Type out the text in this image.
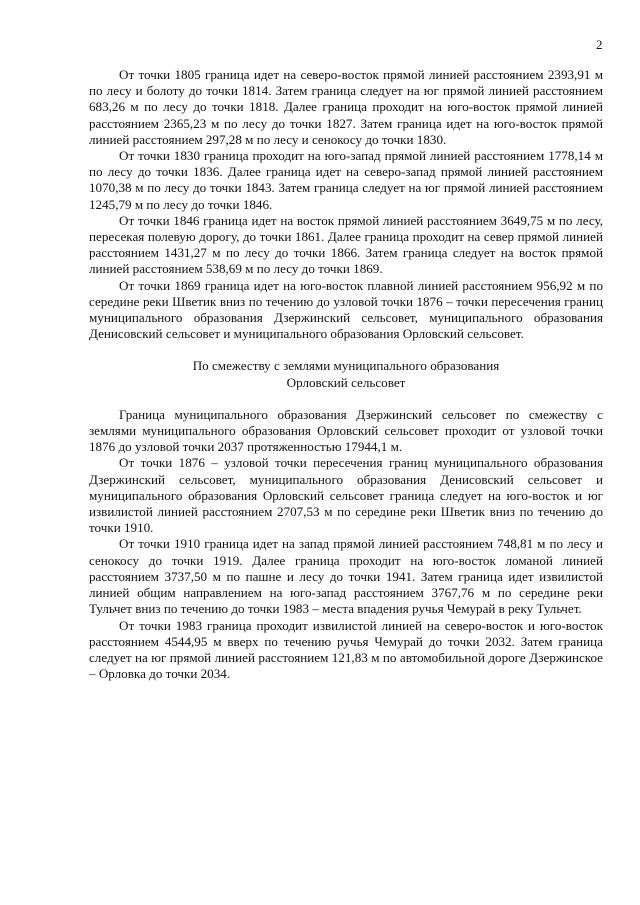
2

От точки 1805 граница идет на северо-восток прямой линией расстоянием 2393,91 м по лесу и болоту до точки 1814. Затем граница следует на юг прямой линией расстоянием 683,26 м по лесу до точки 1818. Далее граница проходит на юго-восток прямой линией расстоянием 2365,23 м по лесу до точки 1827. Затем граница идет на юго-восток прямой линией расстоянием 297,28 м по лесу и сенокосу до точки 1830.

От точки 1830 граница проходит на юго-запад прямой линией расстоянием 1778,14 м по лесу до точки 1836. Далее граница идет на северо-запад прямой линией расстоянием 1070,38 м по лесу до точки 1843. Затем граница следует на юг прямой линией расстоянием 1245,79 м по лесу до точки 1846.

От точки 1846 граница идет на восток прямой линией расстоянием 3649,75 м по лесу, пересекая полевую дорогу, до точки 1861. Далее граница проходит на север прямой линией расстоянием 1431,27 м по лесу до точки 1866. Затем граница следует на восток прямой линией расстоянием 538,69 м по лесу до точки 1869.

От точки 1869 граница идет на юго-восток плавной линией расстоянием 956,92 м по середине реки Шветик вниз по течению до узловой точки 1876 – точки пересечения границ муниципального образования Дзержинский сельсовет, муниципального образования Денисовский сельсовет и муниципального образования Орловский сельсовет.

По смежеству с землями муниципального образования
Орловский сельсовет

Граница муниципального образования Дзержинский сельсовет по смежеству с землями муниципального образования Орловский сельсовет проходит от узловой точки 1876 до узловой точки 2037 протяженностью 17944,1 м.

От точки 1876 – узловой точки пересечения границ муниципального образования Дзержинский сельсовет, муниципального образования Денисовский сельсовет и муниципального образования Орловский сельсовет граница следует на юго-восток и юг извилистой линией расстоянием 2707,53 м по середине реки Шветик вниз по течению до точки 1910.

От точки 1910 граница идет на запад прямой линией расстоянием 748,81 м по лесу и сенокосу до точки 1919. Далее граница проходит на юго-восток ломаной линией расстоянием 3737,50 м по пашне и лесу до точки 1941. Затем граница идет извилистой линией общим направлением на юго-запад расстоянием 3767,76 м по середине реки Тульчет вниз по течению до точки 1983 – места впадения ручья Чемурай в реку Тульчет.

От точки 1983 граница проходит извилистой линией на северо-восток и юго-восток расстоянием 4544,95 м вверх по течению ручья Чемурай до точки 2032. Затем граница следует на юг прямой линией расстоянием 121,83 м по автомобильной дороге Дзержинское – Орловка до точки 2034.
